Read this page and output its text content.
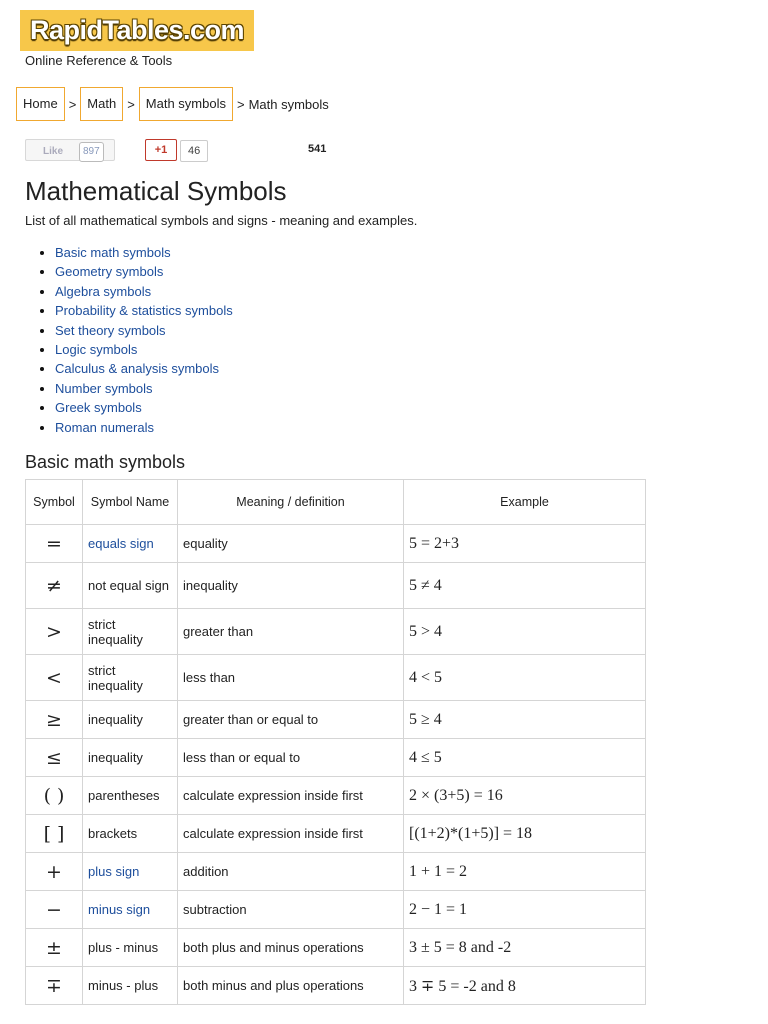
RapidTables.com
Online Reference & Tools
Home > Math > Math symbols > Math symbols
Like	897	+1	46	541
Mathematical Symbols
List of all mathematical symbols and signs - meaning and examples.
• Basic math symbols
• Geometry symbols
• Algebra symbols
• Probability & statistics symbols
• Set theory symbols
• Logic symbols
• Calculus & analysis symbols
• Number symbols
• Greek symbols
• Roman numerals
Basic math symbols
Symbol	Symbol Name	Meaning / definition	Example
=	equals sign	equality	5 = 2+3
≠	not equal sign	inequality	5 ≠ 4
>	strict inequality	greater than	5 > 4
<	strict inequality	less than	4 < 5
≥	inequality	greater than or equal to	5 ≥ 4
≤	inequality	less than or equal to	4 ≤ 5
( )	parentheses	calculate expression inside first	2 × (3+5) = 16
[ ]	brackets	calculate expression inside first	[(1+2)*(1+5)] = 18
+	plus sign	addition	1 + 1 = 2
−	minus sign	subtraction	2 − 1 = 1
±	plus - minus	both plus and minus operations	3 ± 5 = 8 and -2
∓	minus - plus	both minus and plus operations	3 ∓ 5 = -2 and 8
